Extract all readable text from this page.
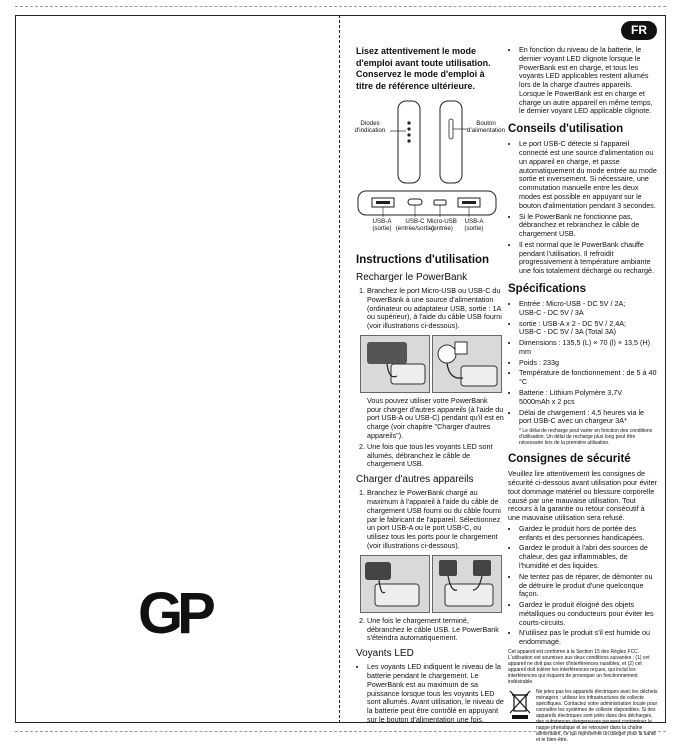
GP
FR

Lisez attentivement le mode d'emploi avant toute utilisation. Conservez le mode d'emploi à titre de référence ultérieure.

Diodes d'indication
Bouton d'alimentation
USB-A
(sortie)
USB-C
(entrée/sortie)
Micro-USB
(entrée)
USB-A
(sortie)
Instructions d'utilisation
Recharger le PowerBank
1. Branchez le port Micro-USB ou USB-C du PowerBank à une source d'alimentation (ordinateur ou adaptateur USB, sortie : 1A ou supérieur), à l'aide du câble USB fourni (voir illustrations ci-dessous).

Vous pouvez utiliser votre PowerBank pour charger d'autres appareils (à l'aide du port USB-A ou USB-C) pendant qu'il est en charge (voir chapitre "Charger d'autres appareils").

2. Une fois que tous les voyants LED sont allumés, débranchez le câble de chargement USB.
Charger d'autres appareils
1. Branchez le PowerBank chargé au maximum à l'appareil à l'aide du câble de chargement USB fourni ou du câble fourni par le fabricant de l'appareil. Sélectionnez un port USB-A ou le port USB-C, ou utilisez tous les ports pour le chargement (voir illustrations ci-dessous).
2. Une fois le chargement terminé, débranchez le câble USB. Le PowerBank s'éteindra automatiquement.
Voyants LED
• Les voyants LED indiquent le niveau de la batterie pendant le chargement. Le PowerBank est au maximum de sa puissance lorsque tous les voyants LED sont allumés. Avant utilisation, le niveau de la batterie peut être contrôlé en appuyant sur le bouton d'alimentation une fois.
• En fonction du niveau de la batterie, le dernier voyant LED clignote lorsque le PowerBank est en charge, et tous les voyants LED applicables restent allumés lors de la charge d'autres appareils. Lorsque le PowerBank est en charge et charge un autre appareil en même temps, le dernier voyant LED applicable clignote.
Conseils d'utilisation
• Le port USB-C détecte si l'appareil connecté est une source d'alimentation ou un appareil en charge, et passe automatiquement du mode entrée au mode sortie et inversement. Si nécessaire, une commutation manuelle entre les deux modes est possible en appuyant sur le bouton d'alimentation pendant 3 secondes.
• Si le PowerBank ne fonctionne pas, débranchez et rebranchez le câble de chargement USB.
• Il est normal que le PowerBank chauffe pendant l'utilisation. Il refroidit progressivement à température ambiante une fois totalement déchargé ou rechargé.
Spécifications
• Entrée : Micro-USB - DC 5V / 2A;
USB-C - DC 5V / 3A
• sortie : USB-A x 2 - DC 5V / 2,4A;
USB-C - DC 5V / 3A (Total 3A)
• Dimensions : 135,5 (L) × 70 (l) × 13,5 (H) mm
• Poids : 233g
• Température de fonctionnement : de 5 à 40 °C
• Batterie : Lithium Polymère 3,7V
5000mAh x 2 pcs
• Délai de chargement : 4,5 heures via le port USB-C avec un chargeur 3A*

* Le délai de recharge peut varier en fonction des conditions d'utilisation. Un délai de recharge plus long peut être nécessaire lors de la première utilisation.

Consignes de sécurité

Veuillez lire attentivement les consignes de sécurité ci-dessous avant utilisation pour éviter tout dommage matériel ou blessure corporelle causé par une mauvaise utilisation. Tout recours à la garantie ou retour consécutif à une mauvaise utilisation sera refusé.

• Gardez le produit hors de portée des enfants et des personnes handicapées.
• Gardez le produit à l'abri des sources de chaleur, des gaz inflammables, de l'humidité et des liquides.
• Ne tentez pas de réparer, de démonter ou de détruire le produit d'une quelconque façon.
• Gardez le produit éloigné des objets métalliques ou conducteurs pour éviter les courts-circuits.
• N'utilisez pas le produit s'il est humide ou endommagé.

Cet appareil est conforme à la Section 15 des Règles FCC. L'utilisation est soumises aux deux conditions suivantes : (1) cet appareil ne doit pas créer d'interférences nuisibles, et (2) cet appareil doit tolérer les interférences reçues, qui inclut les interférences qui risquent de provoquer un fonctionnement indésirable.

Ne jetez pas les appareils électriques avec les déchets ménagers : utilisez les infrastructures de collecte spécifiques. Contactez votre administration locale pour connaître les systèmes de collecte disponibles. Si des appareils électriques sont jetés dans des décharges, des substances dangereuses peuvent contaminer la nappe phréatique et se retrouver dans la chaîne alimentaire, ce qui représente un danger pour la santé et le bien-être.
